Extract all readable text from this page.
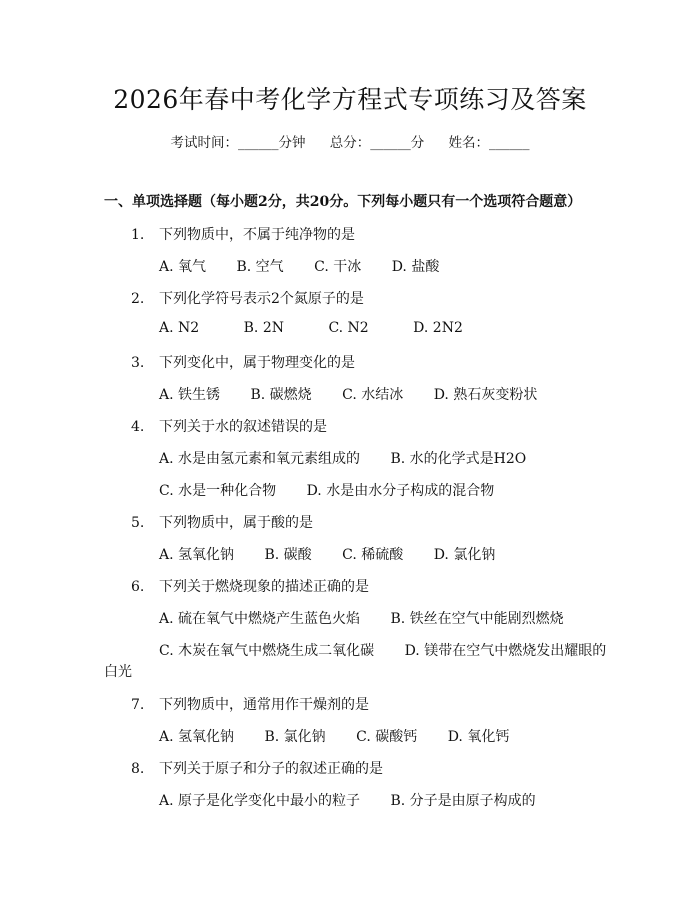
2026年春中考化学方程式专项练习及答案
考试时间：______分钟 总分：______分 姓名：______
一、单项选择题（每小题2分，共20分。下列每小题只有一个选项符合题意）
1. 下列物质中，不属于纯净物的是
A. 氧气 B. 空气 C. 干冰 D. 盐酸
2. 下列化学符号表示2个氮原子的是
A. N2	B. 2N	C. N2	D. 2N2
3. 下列变化中，属于物理变化的是
A. 铁生锈 B. 碳燃烧 C. 水结冰 D. 熟石灰变粉状
4. 下列关于水的叙述错误的是
A. 水是由氢元素和氧元素组成的 B. 水的化学式是H2O
C. 水是一种化合物 D. 水是由水分子构成的混合物
5. 下列物质中，属于酸的是
A. 氢氧化钠 B. 碳酸 C. 稀硫酸 D. 氯化钠
6. 下列关于燃烧现象的描述正确的是
A. 硫在氧气中燃烧产生蓝色火焰 B. 铁丝在空气中能剧烈燃烧
C. 木炭在氧气中燃烧生成二氧化碳 D. 镁带在空气中燃烧发出耀眼的
白光
7. 下列物质中，通常用作干燥剂的是
A. 氢氧化钠 B. 氯化钠 C. 碳酸钙 D. 氧化钙
8. 下列关于原子和分子的叙述正确的是
A. 原子是化学变化中最小的粒子 B. 分子是由原子构成的
